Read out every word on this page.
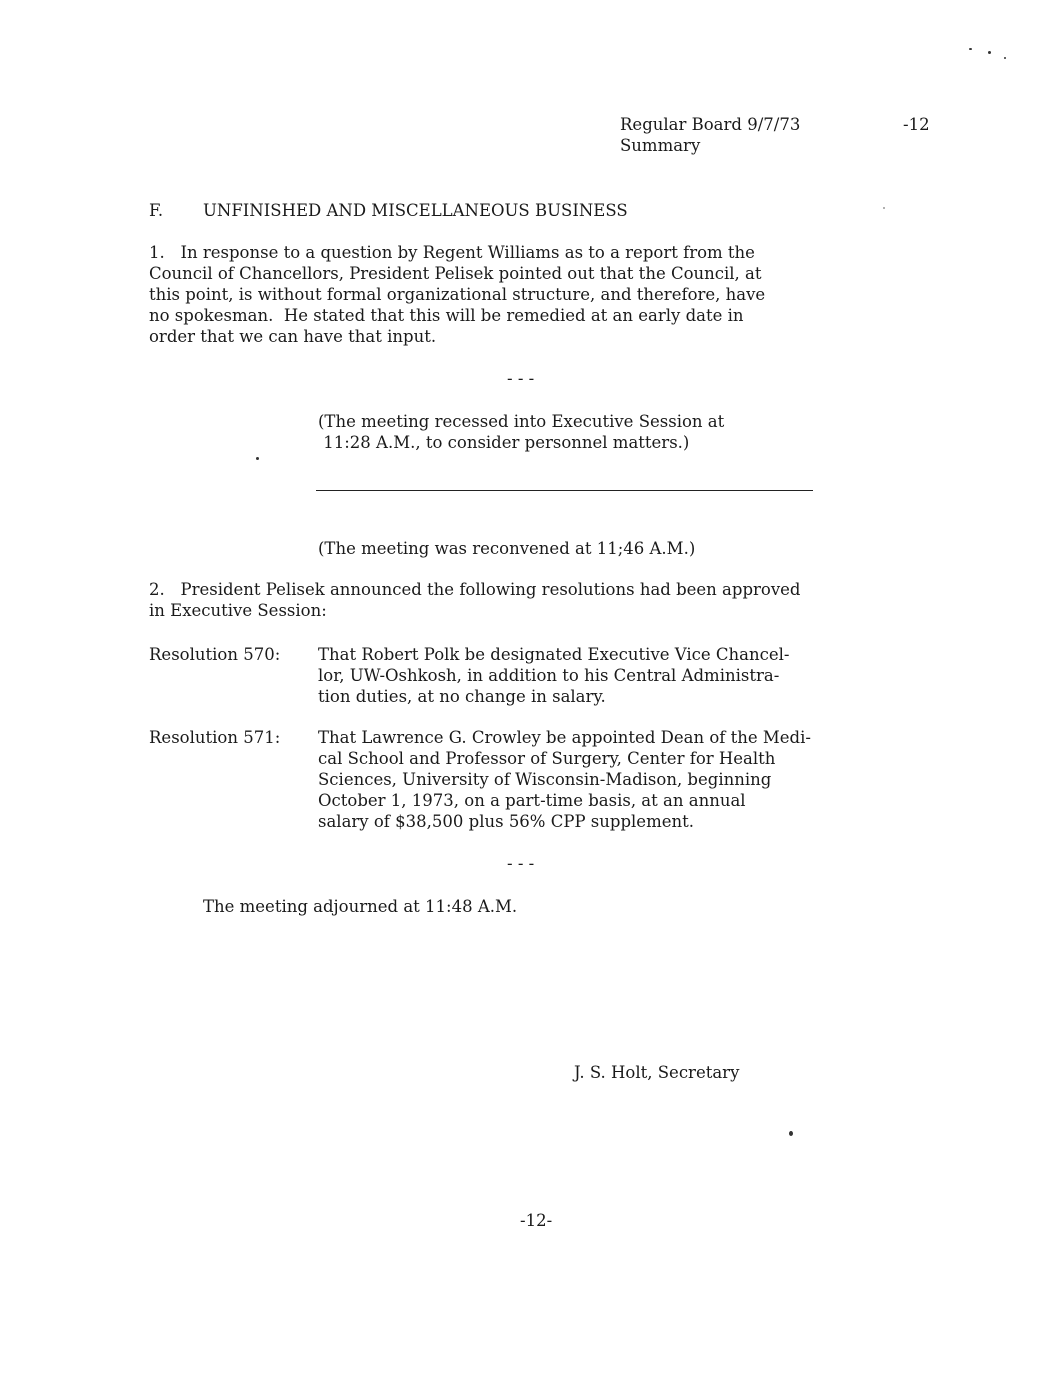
Regular Board 9/7/73
Summary
-12
F. UNFINISHED AND MISCELLANEOUS BUSINESS
1.   In response to a question by Regent Williams as to a report from the
Council of Chancellors, President Pelisek pointed out that the Council, at
this point, is without formal organizational structure, and therefore, have
no spokesman.  He stated that this will be remedied at an early date in
order that we can have that input.
- - -
(The meeting recessed into Executive Session at
11:28 A.M., to consider personnel matters.)
(The meeting was reconvened at 11;46 A.M.)
2.   President Pelisek announced the following resolutions had been approved
in Executive Session:
Resolution 570: That Robert Polk be designated Executive Vice Chancel-
lor, UW-Oshkosh, in addition to his Central Administra-
tion duties, at no change in salary.
Resolution 571: That Lawrence G. Crowley be appointed Dean of the Medi-
cal School and Professor of Surgery, Center for Health
Sciences, University of Wisconsin-Madison, beginning
October 1, 1973, on a part-time basis, at an annual
salary of $38,500 plus 56% CPP supplement.
- - -
The meeting adjourned at 11:48 A.M.
J. S. Holt, Secretary
-12-
